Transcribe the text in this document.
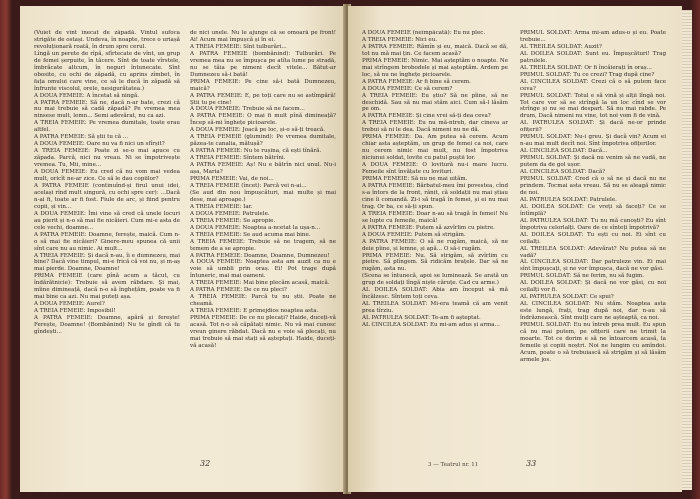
(Vuiet de vînt înecat de zăpadă. Vîntul sufoca strigăte de ostași. Undeva, în noapte, trece o uriașă revoluționară roată, în drum spre cerul.
Lîngă un perete de rîpă, sfîrtecate de vînt, un grup de femei șerpuite, în tăcere. Sînt de toate vîrstele, îmbrăcate altcum, în neguri întunecate. Sînt obosite, cu ochi de zăpadă, cu aprins zîmbet, în fața omului care vine, ce să le ducă în zăpadă să înfrunte viscolul, orele, nesigurătatea.)
A DOUA FEMEIE: A încetat să ningă.
A PATRA FEMEIE: Să ne, dacă n-ar bate, crezi că nu mai trebuie să cadă zăpadă? Pe vremea mea ninsese mult, lemn... Semi adevărat, nu ca azi.
A TREIA FEMEIE: Pe vremea dumitale, toate erau altfel.
A PATRA FEMEIE: Să știi tu că ...
A DOUA FEMEIE: Oare nu va fi nici un sfîrșit?
A TREIA FEMEIE: Poate zi se-o mai apuce cu zăpada. Parcă, nici nu vreau. Ni se împotrivește vremea. Tu, Mii, mine...
A DOUA FEMEIE: Eu cred că nu vom mai vedea mult, oricît ne-ar zice. Ce să le dau copiilor?
A PATRA FEMEIE (continuînd-și firul unui idei, același rînd mult singură, cu ochi spre cer): ...Dacă n-ai fi, toate ar fi fost. Fiule de arc, și fiind pentru copii, și vin...
A DOUA FEMEIE: Îmi vine să cred că unele locuri au pierit și n-o să mai fie nicăieri. Cum mi-e asta de cele vechi, doamne...
A PATRA FEMEIE: Doamne, ferește, maică. Cum n-o să mai fie nicăieri? Ginere-meu spunea că unii sînt care nu au nimic. Ai mult...
A TREIA FEMEIE: Și dacă n-au, îi e dumnezeu, mai bine? Dacă vine timpul, mi-e frică că voi nu, și m-aș mai pierde. Doamne, Doamne!
PRIMA FEMEIE (care pînă acum a tăcut, cu îndărătnicie): Trebuie să avem răbdare. Și mai, mîine dimineață, dacă n-o să înghețăm, poate va fi mai bine ca azi. Nu mai puteți așa.
A DOUA FEMEIE: Aurel?
A TREIA FEMEIE: Imposibil!
A PATRA FEMEIE: Doamne, apără și ferește! Ferește, Doamne! (Bombănind) Nu te gîndi că tu gîndești...
de nici unele. Nu le ajunge că se omoară pe front! Ai! Acum mai împușcă și în ei.
A TREIA FEMEIE: Sînt tulburări...
A PATRA FEMEIE (bombănind): Tulburări. Pe vremea mea nu se împușca pe atîta lume pe stradă, nu se tăia pe nimeni decît vitele... Bătut-ar Dumnezeu să-i bată!
PRIMA FEMEIE: Pe cine să-i bată Dumnezeu, maică?
A PATRA FEMEIE: E, pe toți care nu se astîmpără! Știi tu pe cine!
A DOUA FEMEIE: Trebuie să ne facem...
A PATRA FEMEIE: O mai fi mult pînă dimineață? Încep să-mi înghețe picioarele.
A DOUA FEMEIE: Joacă pe loc, și-o să-ți treacă.
A TREIA FEMEIE (glumind): Pe vremea dumitale, păzea-te canalia, mătușă?
A PATRA FEMEIE: Nu te rușina, că ești tînără.
A TREIA FEMEIE: Sîntem bătrîni.
A PATRA FEMEIE: Aș! Nu e bătrîn nici unul. Nu-i așa, Maria?
PRIMA FEMEIE: Vai, de noi...
A TREIA FEMEIE (încet): Parcă vei n-ai...
(Se aud din nou împușcături, mai multe și mai dese, mai aproape.)
A TREIA FEMEIE: Iar.
A DOUA FEMEIE: Patrulele.
A TREIA FEMEIE: Se apropie.
A DOUA FEMEIE: Noaptea a-ncetat la ușa-n...
A TREIA FEMEIE: Se aud acuma mai bine.
A TREIA FEMEIE: Trebuie să ne tragem, să ne temem de a se apropie.
A PATRA FEMEIE: Doamne, Doamne, Dumnezeu!
A DOUA FEMEIE: Noaptea asta am auzit ca nu e voie să umbli prin oraș. Ei! Pot trage după întuneric, mai mai oameni.
A TREIA FEMEIE: Mai bine plecăm acasă, maică.
A PATRA FEMEIE: De ce nu pleci?
A TREIA FEMEIE: Parcă tu nu știi. Poate ne cheamă.
A TREIA FEMEIE: E primejdios noaptea asta.
PRIMA FEMEIE: De ce nu plecați? Haide, duceți-vă acasă. Tot n-o să căpătați nimic. Nu vă mai cunosc vreun ginere răbdat. Dacă nu e voie să plecați, nu mai trebuie să mai stați să așteptați. Haide, duceți-vă acasă!
32
A DOUA FEMEIE (neîmpăcată): Eu nu plec.
A TREIA FEMEIE: Nici eu.
A PATRA FEMEIE: Rămîn și eu, maică. Dacă se dă, tot nu mă mai țin. Ce facem acasă?
PRIMA FEMEIE: Nimic. Mai așteptăm o noapte. Ne mai strîngem brobodele și mai așteptăm. Ardem pe loc, să nu ne înghețe picioarele.
A PATRA FEMEIE: Ar fi bine să cerem.
A DOUA FEMEIE: Ce să cerem?
A TREIA FEMEIE: Eu știu? Să ne pîine, să ne deschidă. Sau să nu mai stăm aici. Cum să-l lăsăm pe om.
A PATRA FEMEIE: Și cine vrei să-ți dea ceva?
A TREIA FEMEIE: Eu nu mă-ntreb, dar cineva ar trebui să ni le dea. Dacă nimeni nu ne dă.
PRIMA FEMEIE: Da. Am putea să cerem. Acum chiar asta așteptăm, un grup de femei ca noi, care nu cerem nimic mai mult, nu fost împotriva niciunui soldat, lovite cu patul puștii lor.
A DOUA FEMEIE: O lovitură nu-i mare lucru. Femeile sînt învățate cu lovituri.
PRIMA FEMEIE: Să nu ne mai uităm.
A PATRA FEMEIE: Bărbatul-meu îmi povestea, cînd s-a întors de la front, rănit, că soldații nu mai știau cine îi comandă. Zi-i să tragă în femei, și ei nu mai trag. Or ba, ce să-ți spun.
A TREIA FEMEIE: Doar n-au să tragă în femei! Nu se lupte cu femeile, maică!
A PATRA FEMEIE: Putem să azvîrlim cu pietre.
A DOUA FEMEIE: Putem să strigăm.
A PATRA FEMEIE: O să ne rugăm, maică, să ne deie pîine, și lemne, și apă... O să-i rugăm.
PRIMA FEMEIE: Nu. Să strigăm, să zvîrlim cu pietre. Să plîngem. Să ridicăm brațele. Dar să ne rugăm, asta nu.
(Scena se întunecă, apoi se luminează. Se arată un grup de soldați lîngă niște căruțe. Cad cu arme.)
AL DOILEA SOLDAT: Abia am început să mă încălzesc. Sîntem toți ceva.
AL TREILEA SOLDAT: Mi-era teamă că am venit prea tîrziu.
AL PATRULEA SOLDAT: Te-am fi așteptat.
AL CINCILEA SOLDAT: Eu mi-am adus și arma...
PRIMUL SOLDAT: Arma mi-am adus-o și eu. Poate trebuie...
AL TREILEA SOLDAT: Auzit?
AL DOILEA SOLDAT: Sunt eu. Împușcături! Trag patrulele.
AL TREILEA SOLDAT: Or fi încăierați în oraș...
PRIMUL SOLDAT: Tu ce crezi? Trag după cine?
AL CINCILEA SOLDAT: Crezi că o să putem face ceva?
PRIMUL SOLDAT: Totul e să vină și alții lîngă noi. Tot care vor să se strîngă la un loc cînd se vor strînge și nu se mai despart. Să nu mai rabde. Pe drum, Dacă nimeni nu vine, tot noi vom fi de vină.
AL PATRULEA SOLDAT: Și dacă ne-or prinde ofițerii?
PRIMUL SOLDAT: Nu-i greu. Și dacă vin? Acum ei n-au mai mult decît noi. Sînt împotriva ofițerilor.
AL CINCILEA SOLDAT: Dacă...
PRIMUL SOLDAT: Și dacă nu venim să ne vadă, ne putem da de gol ușor.
AL CINCILEA SOLDAT: Dacă?
PRIMUL SOLDAT: Cred că o să ne și dacă nu ne prindem. Tocmai asta vreau. Să nu se aleagă nimic de noi.
AL PATRULEA SOLDAT: Patrulele.
AL DOILEA SOLDAT: Ce vreți să faceți? Ce se întîmplă?
AL PATRULEA SOLDAT: Tu nu mă cunoști? Eu sînt împotriva celorlalți. Oare de ce sînteți împotrivă?
AL DOILEA SOLDAT: Tu ești cu noi. Ei sînt cu ceilalți.
AL TREILEA SOLDAT: Adevărat? Nu putea să ne vadă?
AL CINCILEA SOLDAT: Dar patruleze vin. Ei mai sînt împușcați, și ne vor împușca, dacă ne vor găsi.
PRIMUL SOLDAT: Să ne ferim, nu să fugim.
AL DOILEA SOLDAT: Și dacă ne vor găsi, cu noi ceilalți vor fi.
AL PATRULEA SOLDAT: Ce spui?
AL CINCILEA SOLDAT: Nu stăm. Noaptea asta este lungă, frați, trag după noi, dar n-au să îndrăznească. Sînt mulți care ne așteaptă, ca noi.
PRIMUL SOLDAT: Eu nu întreb prea mult. Eu spun că nu mai putem, pe ofițerii care ne trimit la moarte. Tot ce dorim e să ne întoarcem acasă, la femeile și copiii noștri. Noi ne lungim cu amîndoi. Acum, poate o să trebuiască să strigăm și să lăsăm armele jos.
3 — Teatrul nr. 11	33
